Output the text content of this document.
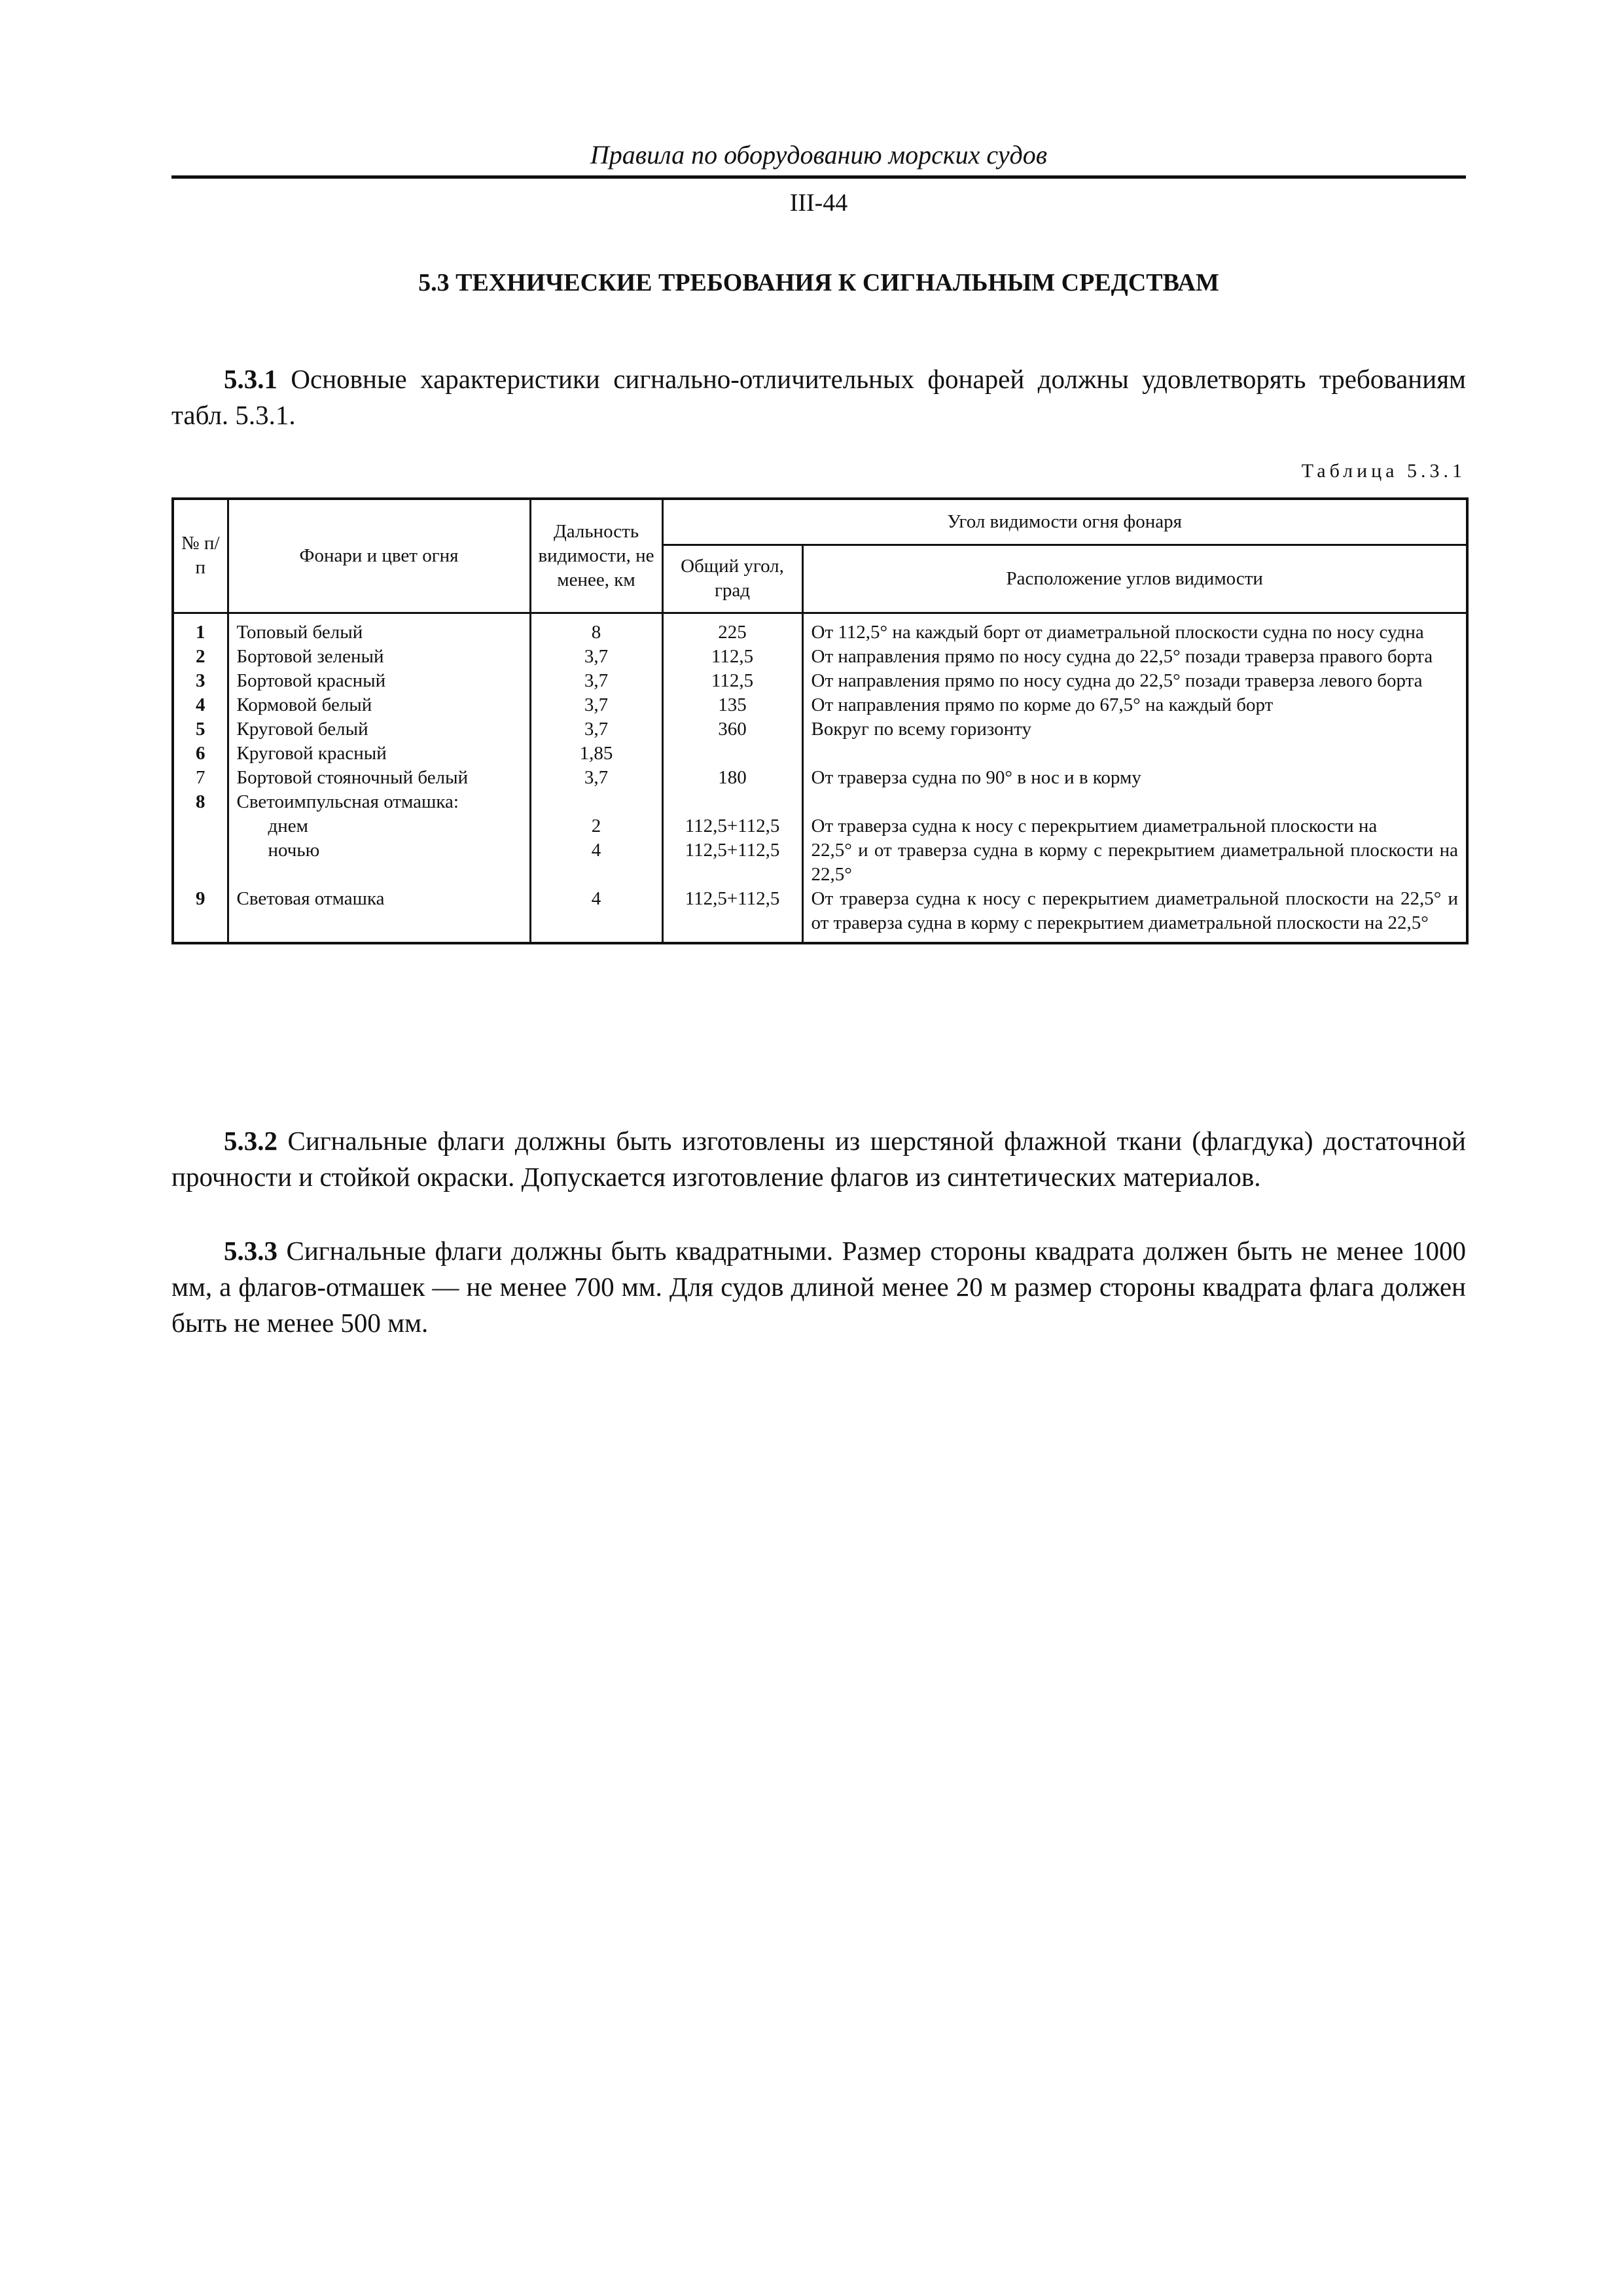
Правила по оборудованию морских судов
III-44
5.3 ТЕХНИЧЕСКИЕ ТРЕБОВАНИЯ К СИГНАЛЬНЫМ СРЕДСТВАМ

5.3.1 Основные характеристики сигнально-отличительных фонарей должны удовлетворять требованиям табл. 5.3.1.

Таблица 5.3.1
№ п/п	Фонари и цвет огня	Дальность видимости, не менее, км	Угол видимости огня фонаря	
			Общий угол, град	Расположение углов видимости
1	Топовый белый	8	225	От 112,5° на каждый борт от диаметральной плоскости судна по носу судна
2	Бортовой зеленый	3,7	112,5	От направления прямо по носу судна до 22,5° позади траверза правого борта
3	Бортовой красный	3,7	112,5	От направления прямо по носу судна до 22,5° позади траверза левого борта
4	Кормовой белый	3,7	135	От направления прямо по корме до 67,5° на каждый борт
5	Круговой белый	3,7	360	Вокруг по всему горизонту
6	Круговой красный	1,85		
7	Бортовой стояночный белый	3,7	180	От траверза судна по 90° в нос и в корму
8	Светоимпульсная отмашка:			
	днем	2	112,5+112,5	От траверза судна к носу с перекрытием диаметральной плоскости на
	ночью	4	112,5+112,5	22,5° и от траверза судна в корму с перекрытием диаметральной плоскости на 22,5°
9	Световая отмашка	4	112,5+112,5	От траверза судна к носу с перекрытием диаметральной плоскости на 22,5° и от траверза судна в корму с перекрытием диаметральной плоскости на 22,5°

5.3.2 Сигнальные флаги должны быть изготовлены из шерстяной флажной ткани (флагдука) достаточной прочности и стойкой окраски. Допускается изготовление флагов из синтетических материалов.

5.3.3 Сигнальные флаги должны быть квадратными. Размер стороны квадрата должен быть не менее 1000 мм, а флагов-отмашек — не менее 700 мм. Для судов длиной менее 20 м размер стороны квадрата флага должен быть не менее 500 мм.
